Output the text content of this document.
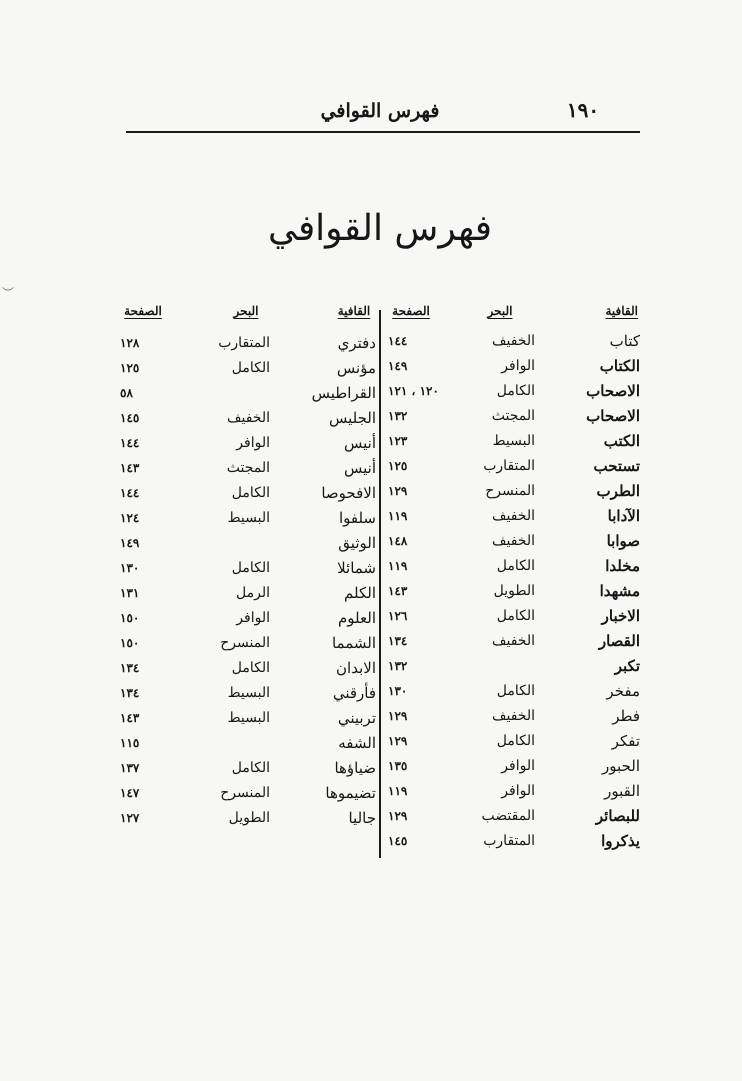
١٩٠
فهرس القوافي
فهرس القوافي
القافية
البحر
الصفحة
القافية
البحر
الصفحة
كتاب
الخفيف
١٤٤
الكتاب
الوافر
١٤٩
الاصحاب
الكامل
١٢٠ ، ١٢١
الاصحاب
المجتث
١٣٢
الكتب
البسيط
١٢٣
تستحب
المتقارب
١٢٥
الطرب
المنسرح
١٢٩
الآدابا
الخفيف
١١٩
صوابا
الخفيف
١٤٨
مخلدا
الكامل
١١٩
مشهدا
الطويل
١٤٣
الاخبار
الكامل
١٢٦
القصار
الخفيف
١٣٤
تكبر
١٣٢
مفخر
الكامل
١٣٠
فطر
الخفيف
١٢٩
تفكر
الكامل
١٢٩
الحبور
الوافر
١٣٥
القبور
الوافر
١١٩
للبصائر
المقتضب
١٢٩
يذكروا
المتقارب
١٤٥
دفتري
المتقارب
١٢٨
مؤنس
الكامل
١٢٥
القراطيس
٥٨
الجليس
الخفيف
١٤٥
أنيس
الوافر
١٤٤
أنيس
المجتث
١٤٣
الافحوصا
الكامل
١٤٤
سلفوا
البسيط
١٢٤
الوثيق
١٤٩
شمائلا
الكامل
١٣٠
الكلم
الرمل
١٣١
العلوم
الوافر
١٥٠
الشمما
المنسرح
١٥٠
الابدان
الكامل
١٣٤
فأرقني
البسيط
١٣٤
تربيني
البسيط
١٤٣
الشفه
١١٥
ضياؤها
الكامل
١٣٧
تضيموها
المنسرح
١٤٧
جاليا
الطويل
١٢٧
︶
